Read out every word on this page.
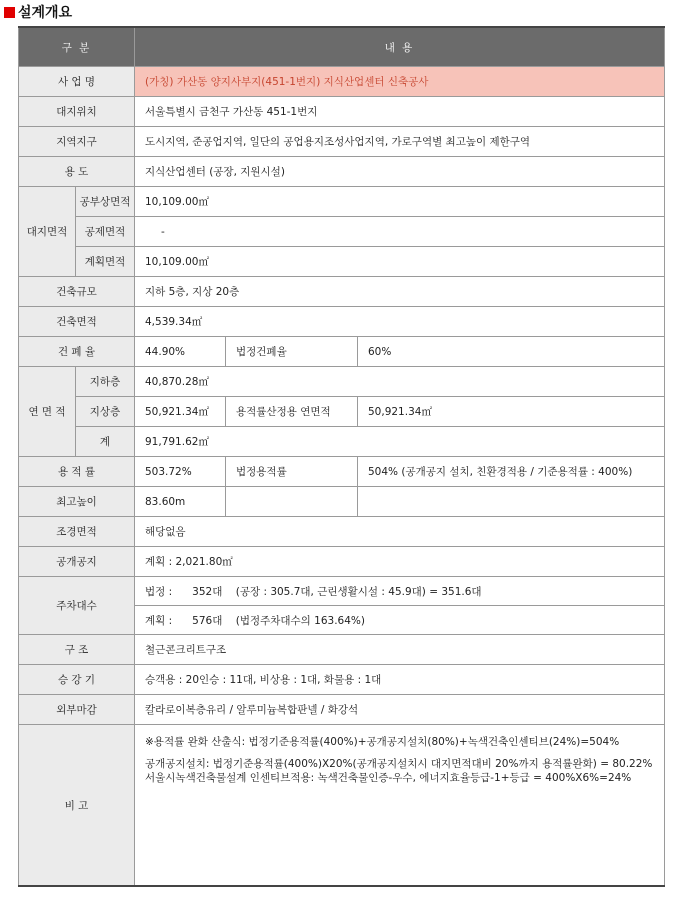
설계개요
구 분		내 용		
사 업 명		(가칭) 가산동 양지사부지(451-1번지) 지식산업센터 신축공사		
대지위치		서울특별시 금천구 가산동 451-1번지		
지역지구		도시지역, 준공업지역, 일단의 공업용지조성사업지역, 가로구역별 최고높이 제한구역		
용 도		지식산업센터 (공장, 지원시설)		
대지면적	공부상면적	10,109.00㎡		
	공제면적	-		
	계획면적	10,109.00㎡		
건축규모		지하 5층, 지상 20층		
건축면적		4,539.34㎡		
건 폐 율		44.90%	법정건폐율	60%
연 면 적	지하층	40,870.28㎡		
	지상층	50,921.34㎡	용적률산정용 연면적	50,921.34㎡
	계	91,791.62㎡		
용 적 률		503.72%	법정용적률	504% (공개공지 설치, 친환경적용 / 기준용적률 : 400%)
최고높이		83.60m		
조경면적		해당없음		
공개공지		계획 : 2,021.80㎡		
주차대수		법정 :      352대    (공장 : 305.7대, 근린생활시설 : 45.9대) = 351.6대		
		계획 :      576대    (법정주차대수의 163.64%)		
구 조		철근콘크리트구조		
승 강 기		승객용 : 20인승 : 11대, 비상용 : 1대, 화물용 : 1대		
외부마감		칼라로이복층유리 / 알루미늄복합판넬 / 화강석		
비 고		※용적률 완화 산출식: 법정기준용적률(400%)+공개공지설치(80%)+녹색건축인센티브(24%)=504%

공개공지설치: 법정기준용적률(400%)X20%(공개공지설치시 대지면적대비 20%까지 용적률완화) = 80.22%

서울시녹색건축물설계 인센티브적용: 녹색건축물인증-우수, 에너지효율등급-1+등급 = 400%X6%=24%		
